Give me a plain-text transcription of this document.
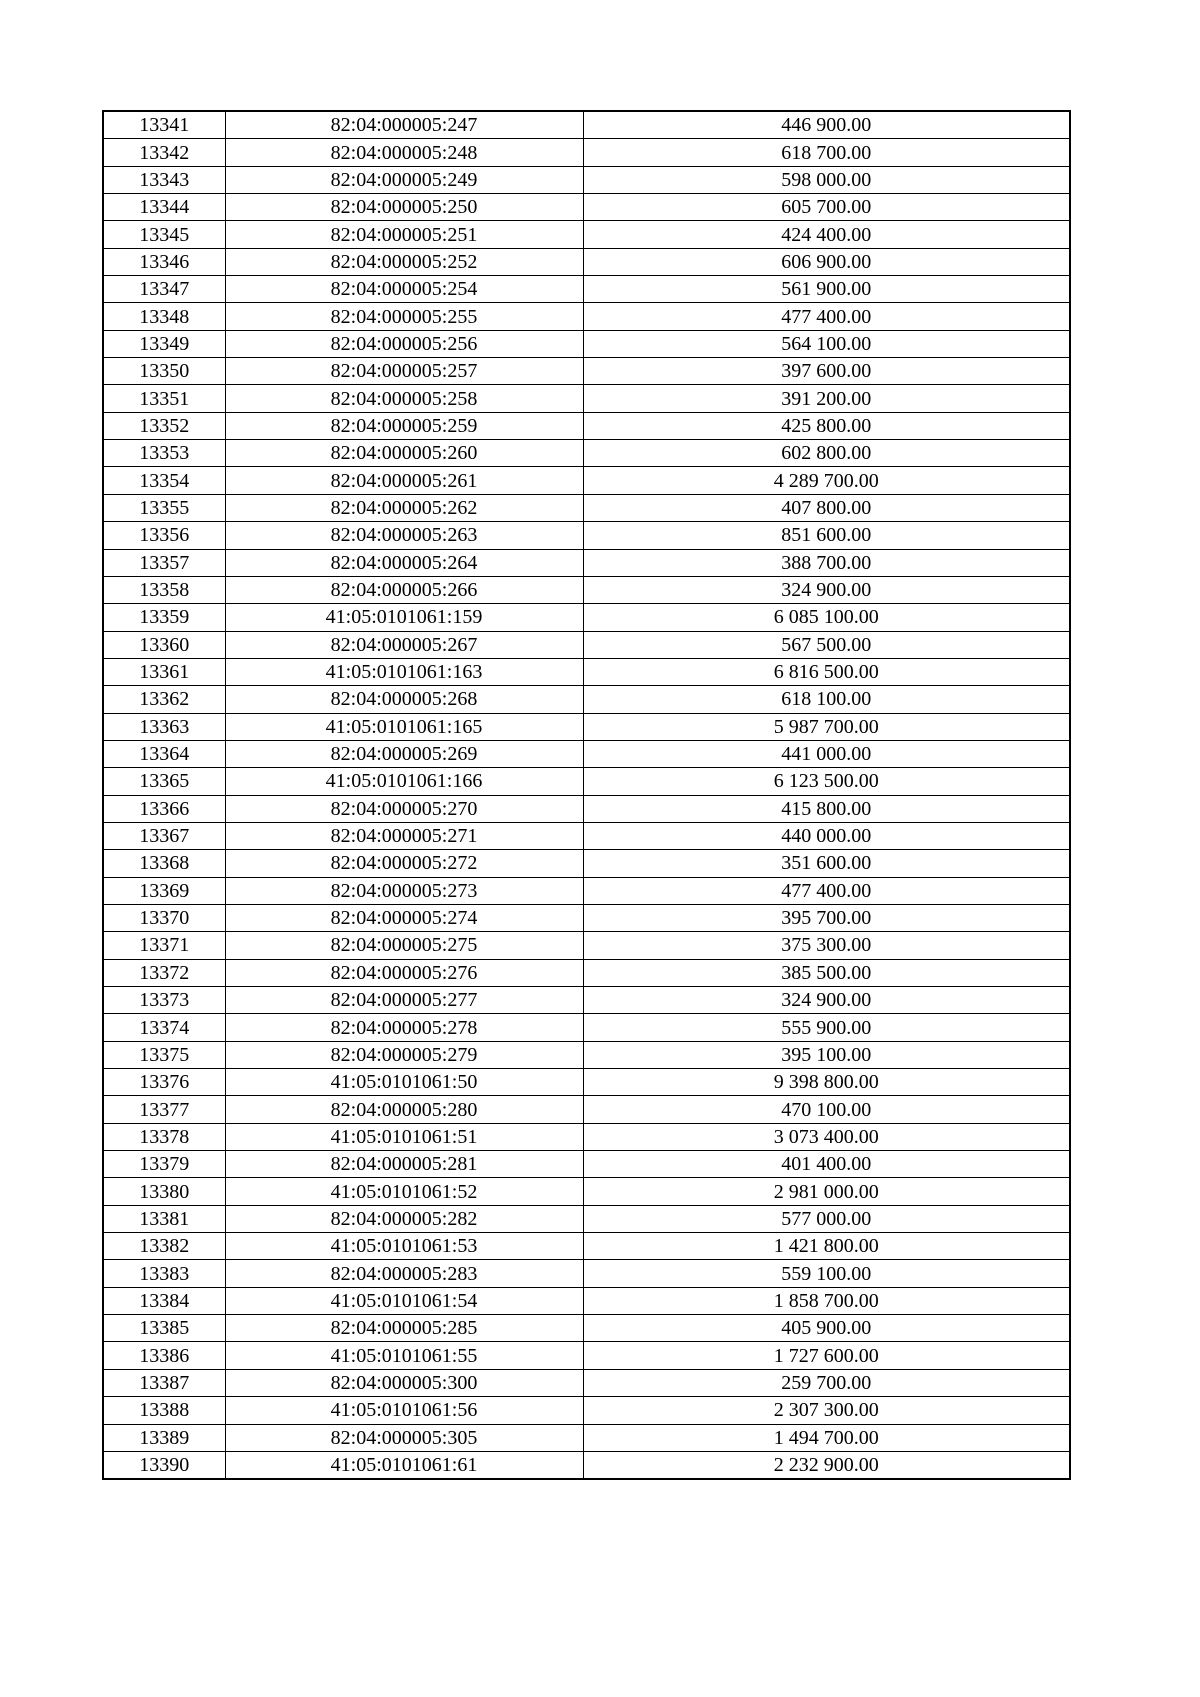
13341	82:04:000005:247	446 900.00
13342	82:04:000005:248	618 700.00
13343	82:04:000005:249	598 000.00
13344	82:04:000005:250	605 700.00
13345	82:04:000005:251	424 400.00
13346	82:04:000005:252	606 900.00
13347	82:04:000005:254	561 900.00
13348	82:04:000005:255	477 400.00
13349	82:04:000005:256	564 100.00
13350	82:04:000005:257	397 600.00
13351	82:04:000005:258	391 200.00
13352	82:04:000005:259	425 800.00
13353	82:04:000005:260	602 800.00
13354	82:04:000005:261	4 289 700.00
13355	82:04:000005:262	407 800.00
13356	82:04:000005:263	851 600.00
13357	82:04:000005:264	388 700.00
13358	82:04:000005:266	324 900.00
13359	41:05:0101061:159	6 085 100.00
13360	82:04:000005:267	567 500.00
13361	41:05:0101061:163	6 816 500.00
13362	82:04:000005:268	618 100.00
13363	41:05:0101061:165	5 987 700.00
13364	82:04:000005:269	441 000.00
13365	41:05:0101061:166	6 123 500.00
13366	82:04:000005:270	415 800.00
13367	82:04:000005:271	440 000.00
13368	82:04:000005:272	351 600.00
13369	82:04:000005:273	477 400.00
13370	82:04:000005:274	395 700.00
13371	82:04:000005:275	375 300.00
13372	82:04:000005:276	385 500.00
13373	82:04:000005:277	324 900.00
13374	82:04:000005:278	555 900.00
13375	82:04:000005:279	395 100.00
13376	41:05:0101061:50	9 398 800.00
13377	82:04:000005:280	470 100.00
13378	41:05:0101061:51	3 073 400.00
13379	82:04:000005:281	401 400.00
13380	41:05:0101061:52	2 981 000.00
13381	82:04:000005:282	577 000.00
13382	41:05:0101061:53	1 421 800.00
13383	82:04:000005:283	559 100.00
13384	41:05:0101061:54	1 858 700.00
13385	82:04:000005:285	405 900.00
13386	41:05:0101061:55	1 727 600.00
13387	82:04:000005:300	259 700.00
13388	41:05:0101061:56	2 307 300.00
13389	82:04:000005:305	1 494 700.00
13390	41:05:0101061:61	2 232 900.00
